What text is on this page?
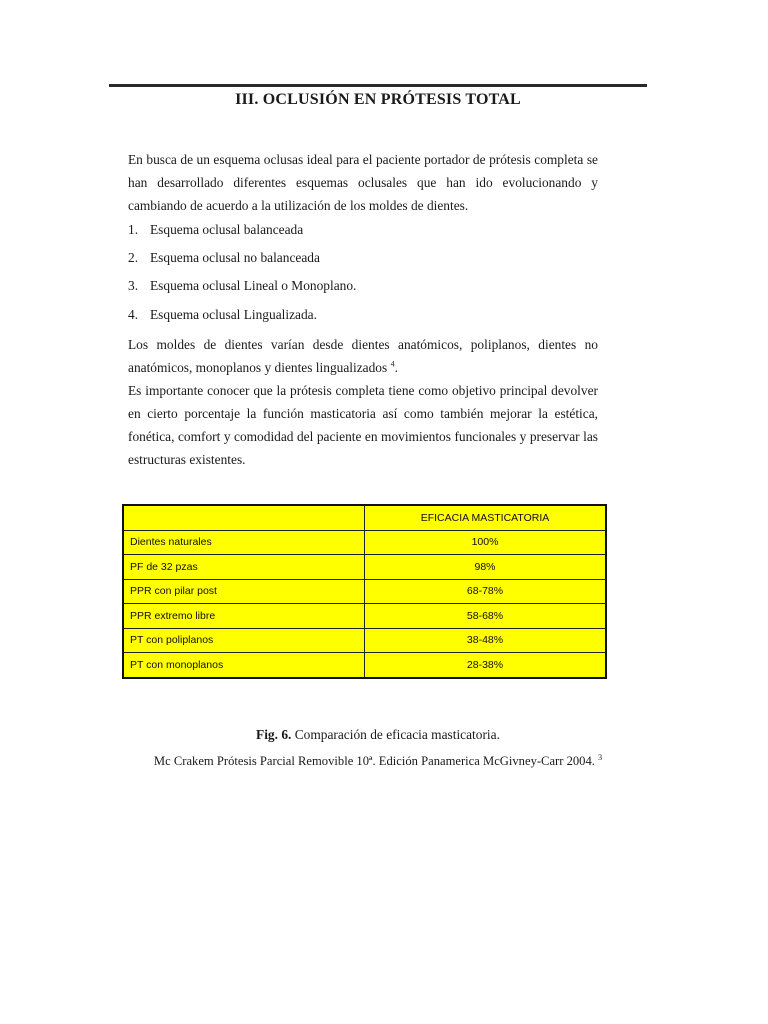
III. OCLUSIÓN EN PRÓTESIS TOTAL

En busca de un esquema oclusas ideal para el paciente portador de prótesis completa se han desarrollado diferentes esquemas oclusales que han ido evolucionando y cambiando de acuerdo a la utilización de los moldes de dientes.

1. Esquema oclusal balanceada
2. Esquema oclusal no balanceada
3. Esquema oclusal Lineal o Monoplano.
4. Esquema oclusal Lingualizada.

Los moldes de dientes varían desde dientes anatómicos, poliplanos, dientes no anatómicos, monoplanos y dientes lingualizados $^4$.

Es importante conocer que la prótesis completa tiene como objetivo principal devolver en cierto porcentaje la función masticatoria así como también mejorar la estética, fonética, comfort y comodidad del paciente en movimientos funcionales y preservar las estructuras existentes.

	EFICACIA MASTICATORIA
Dientes naturales	100%
PF de 32 pzas	98%
PPR con pilar post	68-78%
PPR extremo libre	58-68%
PT con poliplanos	38-48%
PT con monoplanos	28-38%

Fig. 6. Comparación de eficacia masticatoria.

Mc Crakem Prótesis Parcial Removible 10ª. Edición Panamerica McGivney-Carr 2004. $^3$
